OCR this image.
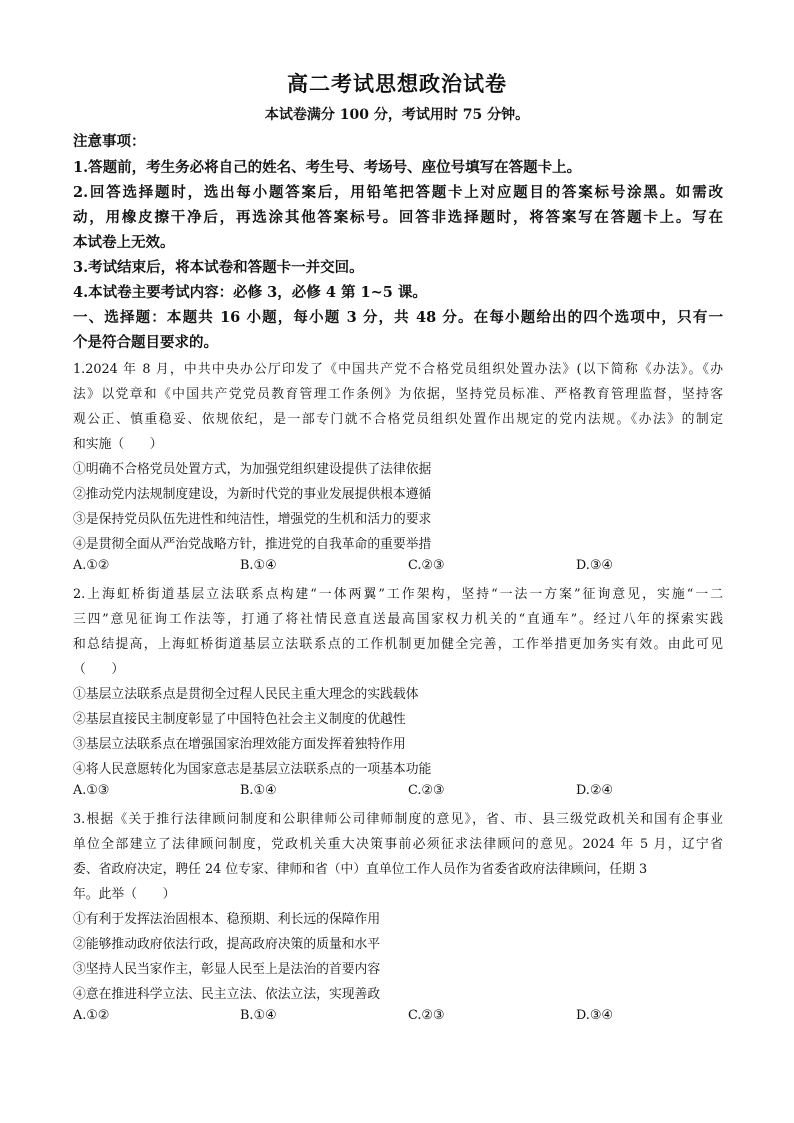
高二考试思想政治试卷
本试卷满分 100 分，考试用时 75 分钟。
注意事项：
1.答题前，考生务必将自己的姓名、考生号、考场号、座位号填写在答题卡上。
2.回答选择题时，选出每小题答案后，用铅笔把答题卡上对应题目的答案标号涂黑。如需改
动，用橡皮擦干净后，再选涂其他答案标号。回答非选择题时，将答案写在答题卡上。写在
本试卷上无效。
3.考试结束后，将本试卷和答题卡一并交回。
4.本试卷主要考试内容：必修 3，必修 4 第 1~5 课。
一、选择题：本题共 16 小题，每小题 3 分，共 48 分。在每小题给出的四个选项中，只有一
个是符合题目要求的。
1.2024 年 8 月，中共中央办公厅印发了《中国共产党不合格党员组织处置办法》(以下简称《办法》。《办
法》以党章和《中国共产党党员教育管理工作条例》为依据，坚持党员标准、严格教育管理监督，坚持客
观公正、慎重稳妥、依规依纪，是一部专门就不合格党员组织处置作出规定的党内法规。《办法》的制定
和实施（　　）
①明确不合格党员处置方式，为加强党组织建设提供了法律依据
②推动党内法规制度建设，为新时代党的事业发展提供根本遵循
③是保持党员队伍先进性和纯洁性，增强党的生机和活力的要求
④是贯彻全面从严治党战略方针，推进党的自我革命的重要举措
A.①②	B.①④	C.②③	D.③④
2.上海虹桥街道基层立法联系点构建“一体两翼”工作架构，坚持“一法一方案”征询意见，实施“一二
三四”意见征询工作法等，打通了将社情民意直送最高国家权力机关的“直通车”。经过八年的探索实践
和总结提高，上海虹桥街道基层立法联系点的工作机制更加健全完善，工作举措更加务实有效。由此可见
（　　）
①基层立法联系点是贯彻全过程人民民主重大理念的实践载体
②基层直接民主制度彰显了中国特色社会主义制度的优越性
③基层立法联系点在增强国家治理效能方面发挥着独特作用
④将人民意愿转化为国家意志是基层立法联系点的一项基本功能
A.①③	B.①④	C.②③	D.②④
3.根据《关于推行法律顾问制度和公职律师公司律师制度的意见》，省、市、县三级党政机关和国有企事业
单位全部建立了法律顾问制度，党政机关重大决策事前必须征求法律顾问的意见。2024 年 5 月，辽宁省
委、省政府决定，聘任 24 位专家、律师和省（中）直单位工作人员作为省委省政府法律顾问，任期 3
年。此举（　　）
①有利于发挥法治固根本、稳预期、利长远的保障作用
②能够推动政府依法行政，提高政府决策的质量和水平
③坚持人民当家作主，彰显人民至上是法治的首要内容
④意在推进科学立法、民主立法、依法立法，实现善政
A.①②	B.①④	C.②③	D.③④
